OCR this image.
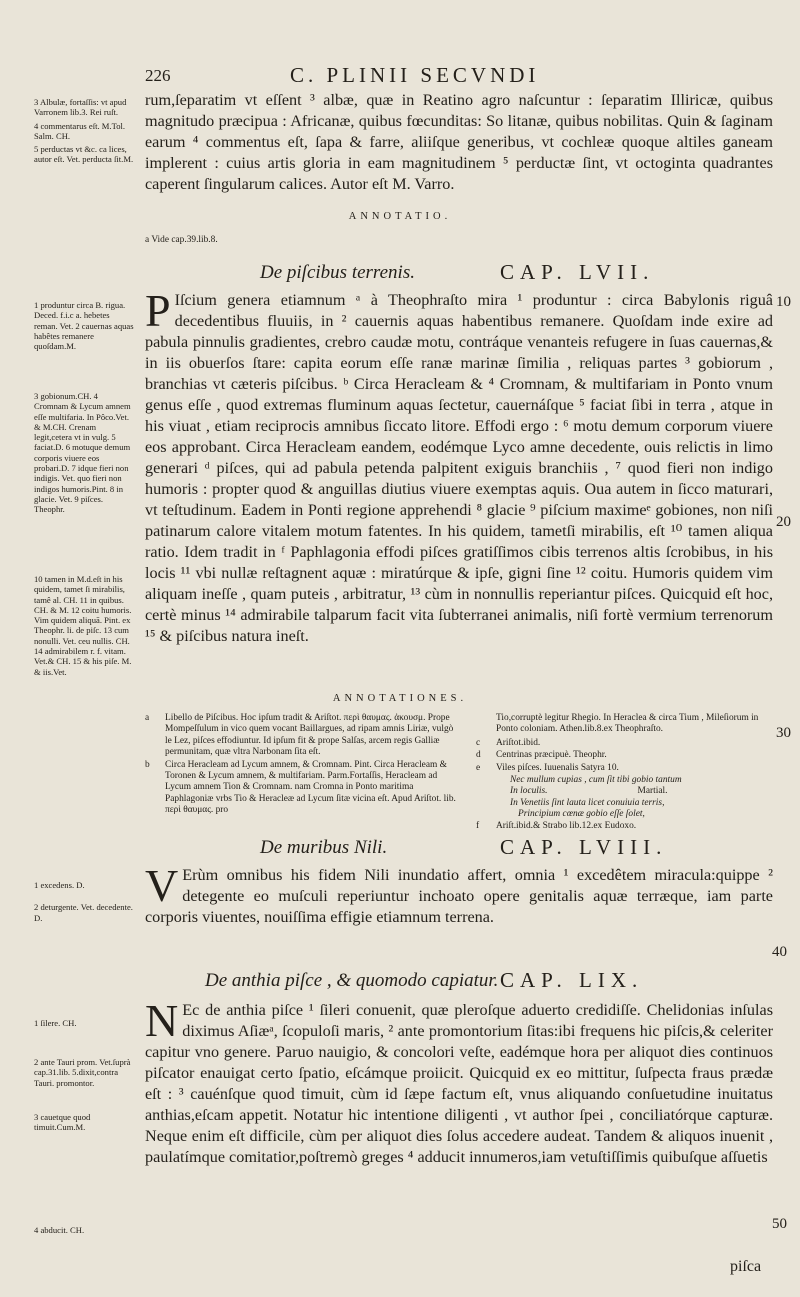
226	C. PLINII SECVNDI
3 Albulæ, fortaſſis: vt apud Varronem lib.3. Rei ruſt.
4 commentarus eſt. M.Tol. Salm. CH.
5 perductas vt &c. ca lices, autor eſt. Vet. perducta ſit.M.

rum,ſeparatim vt eſſent ³ albæ, quæ in Reatino agro naſcuntur : ſeparatim Illiricæ, quibus magnitudo præcipua : Africanæ, quibus fœcunditas: So litanæ, quibus nobilitas. Quin & ſaginam earum ⁴ commentus eſt, ſapa & farre, aliiſque generibus, vt cochleæ quoque altiles ganeam implerent : cuius artis gloria in eam magnitudinem ⁵ perductæ ſint, vt octoginta quadrantes caperent ſingularum calices. Autor eſt M. Varro.

ANNOTATIO.
a Vide cap.39.lib.8.
De piſcibus terrenis.	CAP. LVII.
1 produntur circa B. rigua. Deced. f.i.c a. hebetes reman. Vet. 2 cauernas aquas habêtes remanere quoſdam.M.
3 gobionum.CH. 4 Cromnam & Lycum amnem eſſe multifaria. In Pôco.Vet. & M.CH. Crenam legit,cetera vt in vulg. 5 faciat.D. 6 motuque demum corporis viuere eos probari.D. 7 idque fieri non indigis. Vet. quo fieri non indigos humoris.Pint. 8 in glacie. Vet. 9 piſces. Theophr.
10 tamen in M.d.eſt in his quidem, tamet ſi mirabilis, tamê al. CH. 11 in quibus. CH. & M. 12 coitu humoris. Vim quidem aliquā. Pint. ex Theophr. li. de piſc. 13 cum nonulli. Vet. ceu nullis. CH. 14 admirabilem r. f. vitam. Vet.& CH. 15 & his piſe. M. & iis.Vet.

P Iſcium genera etiamnum ᵃ à Theophraſto mira ¹ produntur : circa Babylonis riguâ decedentibus fluuiis, in ² cauernis aquas habentibus remanere. Quoſdam inde exire ad pabula pinnulis gradientes, crebro caudæ motu, contráque venanteis refugere in ſuas cauernas,& in iis obuerſos ſtare: capita eorum eſſe ranæ marinæ ſimilia , reliquas partes ³ gobiorum , branchias vt cæteris piſcibus. ᵇ Circa Heracleam & ⁴ Cromnam, & multifariam in Ponto vnum genus eſſe , quod extremas fluminum aquas ſectetur, cauernáſque ⁵ faciat ſibi in terra , atque in his viuat , etiam reciprocis amnibus ſiccato litore. Effodi ergo : ⁶ motu demum corporum viuere eos approbant. Circa Heracleam eandem, eodémque Lyco amne decedente, ouis relictis in limo generari ᵈ piſces, qui ad pabula petenda palpitent exiguis branchiis , ⁷ quod fieri non indigo humoris : propter quod & anguillas diutius viuere exemptas aquis. Oua autem in ſicco maturari, vt teſtudinum. Eadem in Ponti regione apprehendi ⁸ glacie ⁹ piſcium maximeᵉ gobiones, non niſi patinarum calore vitalem motum fatentes. In his quidem, tametſi mirabilis, eſt ¹⁰ tamen aliqua ratio. Idem tradit in ᶠ Paphlagonia effodi piſces gratiſſimos cibis terrenos altis ſcrobibus, in his locis ¹¹ vbi nullæ reſtagnent aquæ : miratúrque & ipſe, gigni ſine ¹² coitu. Humoris quidem vim aliquam ineſſe , quam puteis , arbitratur, ¹³ cùm in nonnullis reperiantur piſces. Quicquid eſt hoc, certè minus ¹⁴ admirabile talparum facit vita ſubterranei animalis, niſi fortè vermium terrenorum ¹⁵ & piſcibus natura ineſt.

10
20
30
ANNOTATIONES.
a	Libello de Piſcibus. Hoc ipſum tradit & Ariſtot. περὶ θαυμας. ἀκουσμ. Prope Mompeſſulum in vico quem vocant Baillargues, ad ripam amnis Liriæ, vulgò le Lez, piſces effodiuntur. Id ipſum fit & prope Salſas, arcem regis Galliæ permunitam, quæ vltra Narbonam ſita eſt.
b	Circa Heracleam ad Lycum amnem, & Cromnam. Pint. Circa Heracleam & Toronen & Lycum amnem, & multifariam. Parm.Fortaſſis, Heracleam ad Lycum amnem Tion & Cromnam. nam Cromna in Ponto maritima Paphlagoniæ vrbs Tio & Heracleæ ad Lycum ſitæ vicina eſt. Apud Ariſtot. lib. περὶ θαυμας. pro

Tio,corruptè legitur Rhegio. In Heraclea & circa Tium , Mileſiorum in Ponto coloniam. Athen.lib.8.ex Theophraſto.

c	Ariſtot.ibid.
d	Centrinas præcipuè. Theophr.
e	Viles piſces. Iuuenalis Satyra 10.
Nec mullum cupias , cum ſit tibi gobio tantum
In loculis.	Martial.
In Venetiis ſint lauta licet conuiuia terris,
Principium cœnæ gobio eſſe ſolet,
f	Ariſt.ibid.& Strabo lib.12.ex Eudoxo.
De muribus Nili.	CAP. LVIII.
1 excedens. D.
2 deturgente. Vet. decedente. D.

V Erùm omnibus his fidem Nili inundatio affert, omnia ¹ excedêtem miracula:quippe ² detegente eo muſculi reperiuntur inchoato opere genitalis aquæ terræque, iam parte corporis viuentes, nouiſſima effigie etiamnum terrena.

40
De anthia piſce , & quomodo capiatur. CAP. LIX.
1 ſilere. CH.
2 ante Tauri prom. Vet.ſuprà cap.31.lib. 5.dixit,contra Tauri. promontor.
3 cauetque quod timuit.Cum.M.
4 abducit. CH.

N Ec de anthia piſce ¹ ſileri conuenit, quæ pleroſque aduerto credidiſſe. Chelidonias inſulas diximus Aſiæᵃ, ſcopuloſi maris, ² ante promontorium ſitas:ibi frequens hic piſcis,& celeriter capitur vno genere. Paruo nauigio, & concolori veſte, eadémque hora per aliquot dies continuos piſcator enauigat certo ſpatio, eſcámque proiicit. Quicquid ex eo mittitur, ſuſpecta fraus prædæ eſt : ³ cauénſque quod timuit, cùm id ſæpe factum eſt, vnus aliquando conſuetudine inuitatus anthias,eſcam appetit. Notatur hic intentione diligenti , vt author ſpei , conciliatórque capturæ. Neque enim eſt difficile, cùm per aliquot dies ſolus accedere audeat. Tandem & aliquos inuenit , paulatímque comitatior,poſtremò greges ⁴ adducit innumeros,iam vetuſtiſſimis quibuſque aſſuetis

50
piſca
